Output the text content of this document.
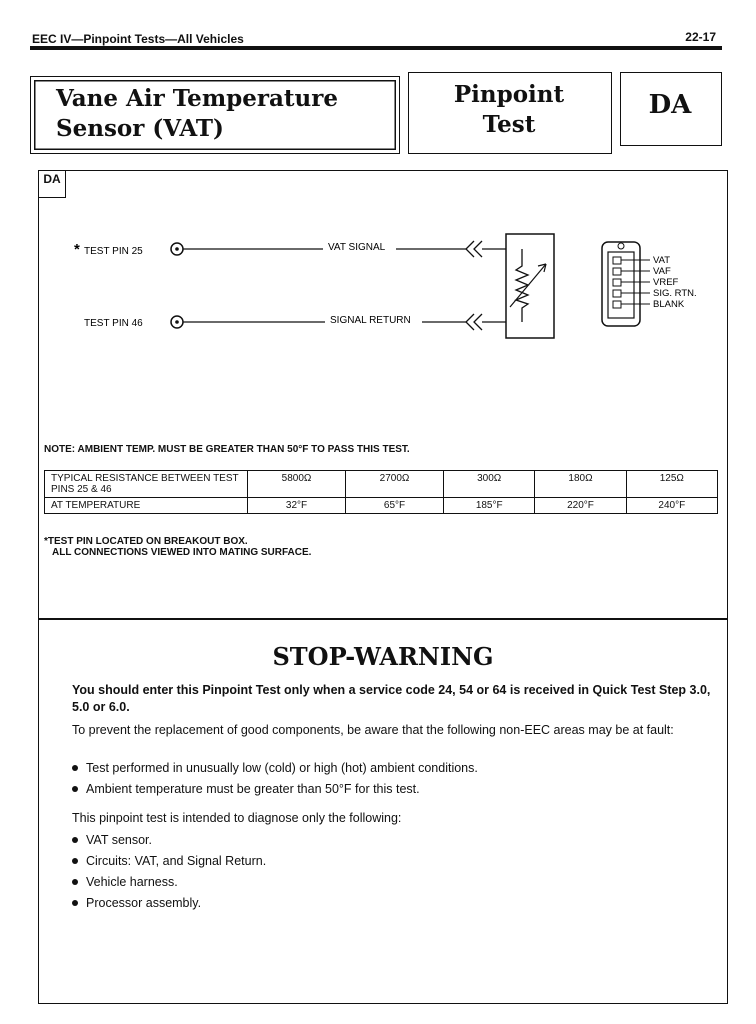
EEC IV—Pinpoint Tests—All Vehicles	22-17
Vane Air Temperature
Sensor (VAT)
Pinpoint
Test
DA
DA
* TEST PIN 25	VAT SIGNAL
TEST PIN 46	SIGNAL RETURN
VAT
VAF
VREF
SIG. RTN.
BLANK
NOTE: AMBIENT TEMP. MUST BE GREATER THAN 50°F TO PASS THIS TEST.
TYPICAL RESISTANCE BETWEEN TEST PINS 25 & 46	5800Ω	2700Ω	300Ω	180Ω	125Ω
AT TEMPERATURE	32°F	65°F	185°F	220°F	240°F
*TEST PIN LOCATED ON BREAKOUT BOX.
ALL CONNECTIONS VIEWED INTO MATING SURFACE.
STOP-WARNING
You should enter this Pinpoint Test only when a service code 24, 54 or 64 is received in Quick Test Step 3.0, 5.0 or 6.0.
To prevent the replacement of good components, be aware that the following non-EEC areas may be at fault:
Test performed in unusually low (cold) or high (hot) ambient conditions.
Ambient temperature must be greater than 50°F for this test.
This pinpoint test is intended to diagnose only the following:
VAT sensor.
Circuits: VAT, and Signal Return.
Vehicle harness.
Processor assembly.
